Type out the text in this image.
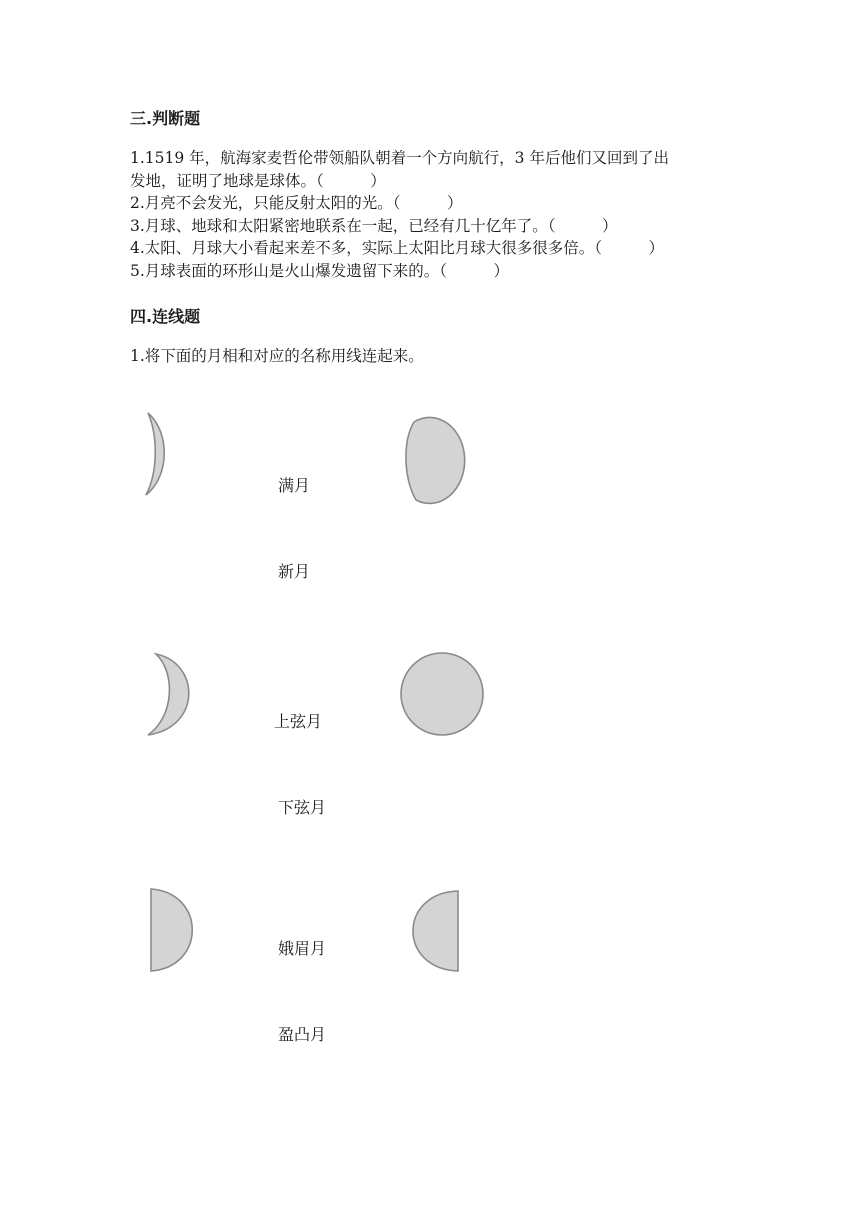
三.判断题
1.1519 年，航海家麦哲伦带领船队朝着一个方向航行，3 年后他们又回到了出
发地，证明了地球是球体。（　　　）
2.月亮不会发光，只能反射太阳的光。（　　　）
3.月球、地球和太阳紧密地联系在一起，已经有几十亿年了。（　　　）
4.太阳、月球大小看起来差不多，实际上太阳比月球大很多很多倍。（　　　）
5.月球表面的环形山是火山爆发遗留下来的。（　　　）
四.连线题
1.将下面的月相和对应的名称用线连起来。
满月
新月
上弦月
下弦月
娥眉月
盈凸月
